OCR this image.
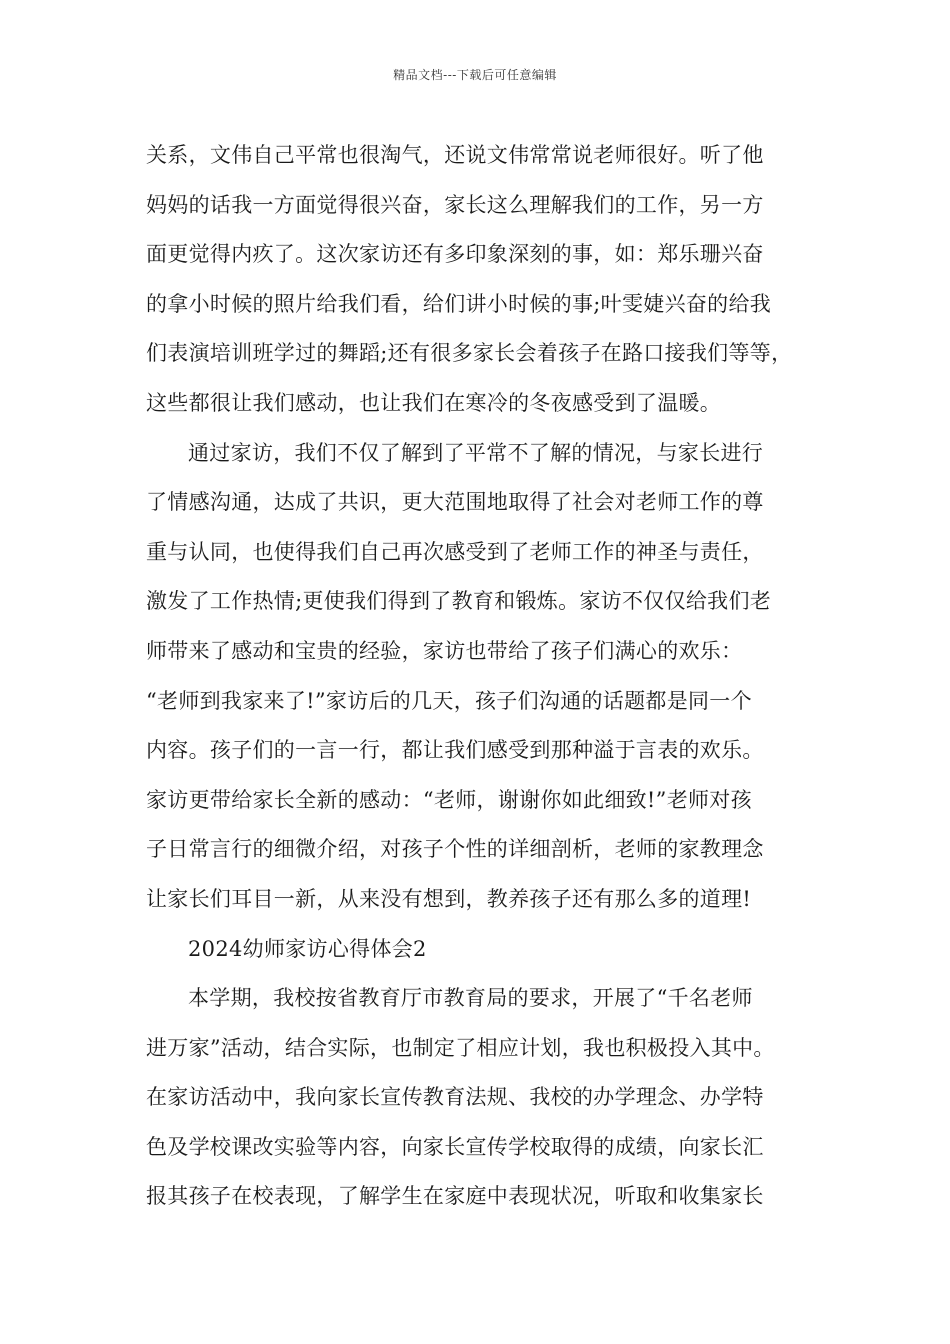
精品文档---下载后可任意编辑
关系，文伟自己平常也很淘气，还说文伟常常说老师很好。听了他
妈妈的话我一方面觉得很兴奋，家长这么理解我们的工作，另一方
面更觉得内疚了。这次家访还有多印象深刻的事，如：郑乐珊兴奋
的拿小时候的照片给我们看，给们讲小时候的事;叶雯婕兴奋的给我
们表演培训班学过的舞蹈;还有很多家长会着孩子在路口接我们等等，
这些都很让我们感动，也让我们在寒冷的冬夜感受到了温暖。
通过家访，我们不仅了解到了平常不了解的情况，与家长进行
了情感沟通，达成了共识，更大范围地取得了社会对老师工作的尊
重与认同，也使得我们自己再次感受到了老师工作的神圣与责任，
激发了工作热情;更使我们得到了教育和锻炼。家访不仅仅给我们老
师带来了感动和宝贵的经验，家访也带给了孩子们满心的欢乐：
“老师到我家来了!”家访后的几天，孩子们沟通的话题都是同一个
内容。孩子们的一言一行，都让我们感受到那种溢于言表的欢乐。
家访更带给家长全新的感动：“老师，谢谢你如此细致!”老师对孩
子日常言行的细微介绍，对孩子个性的详细剖析，老师的家教理念
让家长们耳目一新，从来没有想到，教养孩子还有那么多的道理!
2024幼师家访心得体会2
本学期，我校按省教育厅市教育局的要求，开展了“千名老师
进万家”活动，结合实际，也制定了相应计划，我也积极投入其中。
在家访活动中，我向家长宣传教育法规、我校的办学理念、办学特
色及学校课改实验等内容，向家长宣传学校取得的成绩，向家长汇
报其孩子在校表现，了解学生在家庭中表现状况，听取和收集家长
